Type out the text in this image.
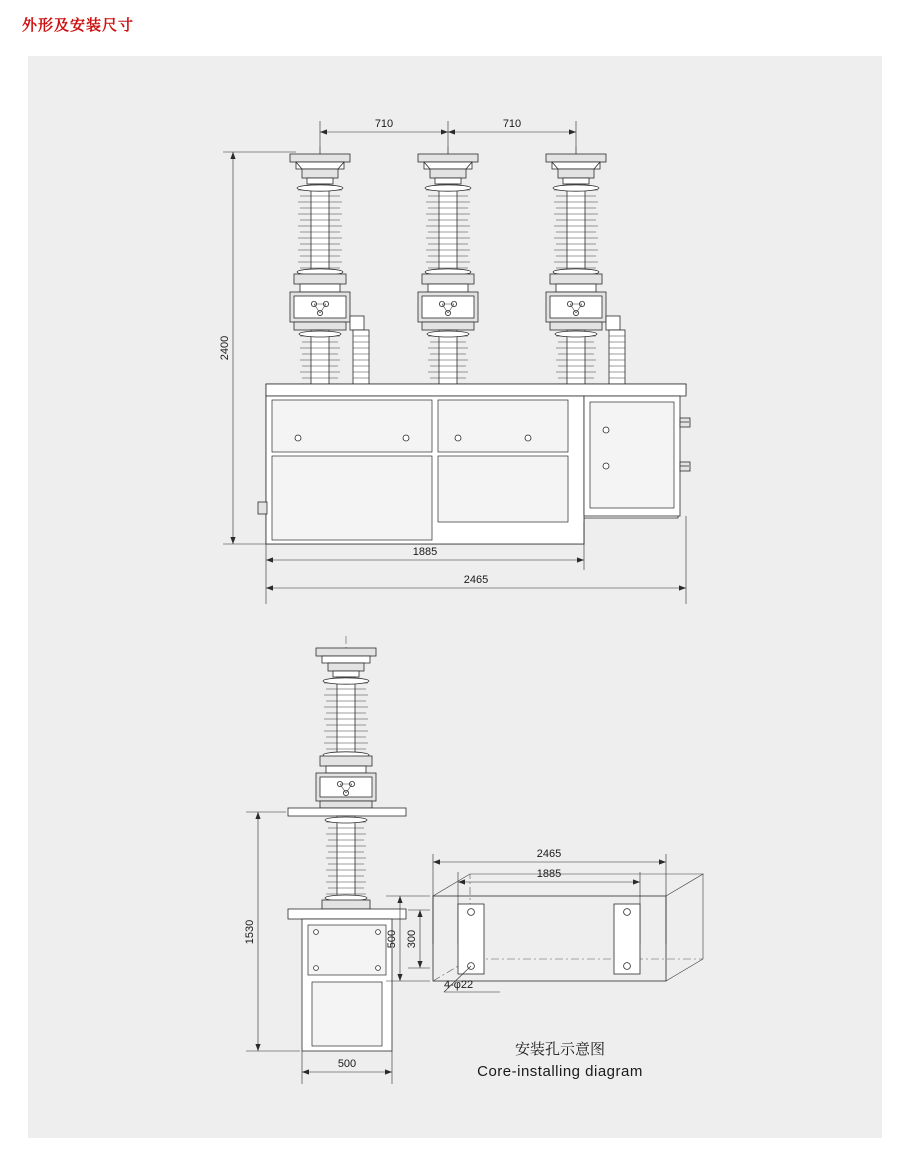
外形及安装尺寸
710	710
2400
1885
2465
1530
500
2465
1885
500 300
4-φ22
安装孔示意图
Core-installing diagram
